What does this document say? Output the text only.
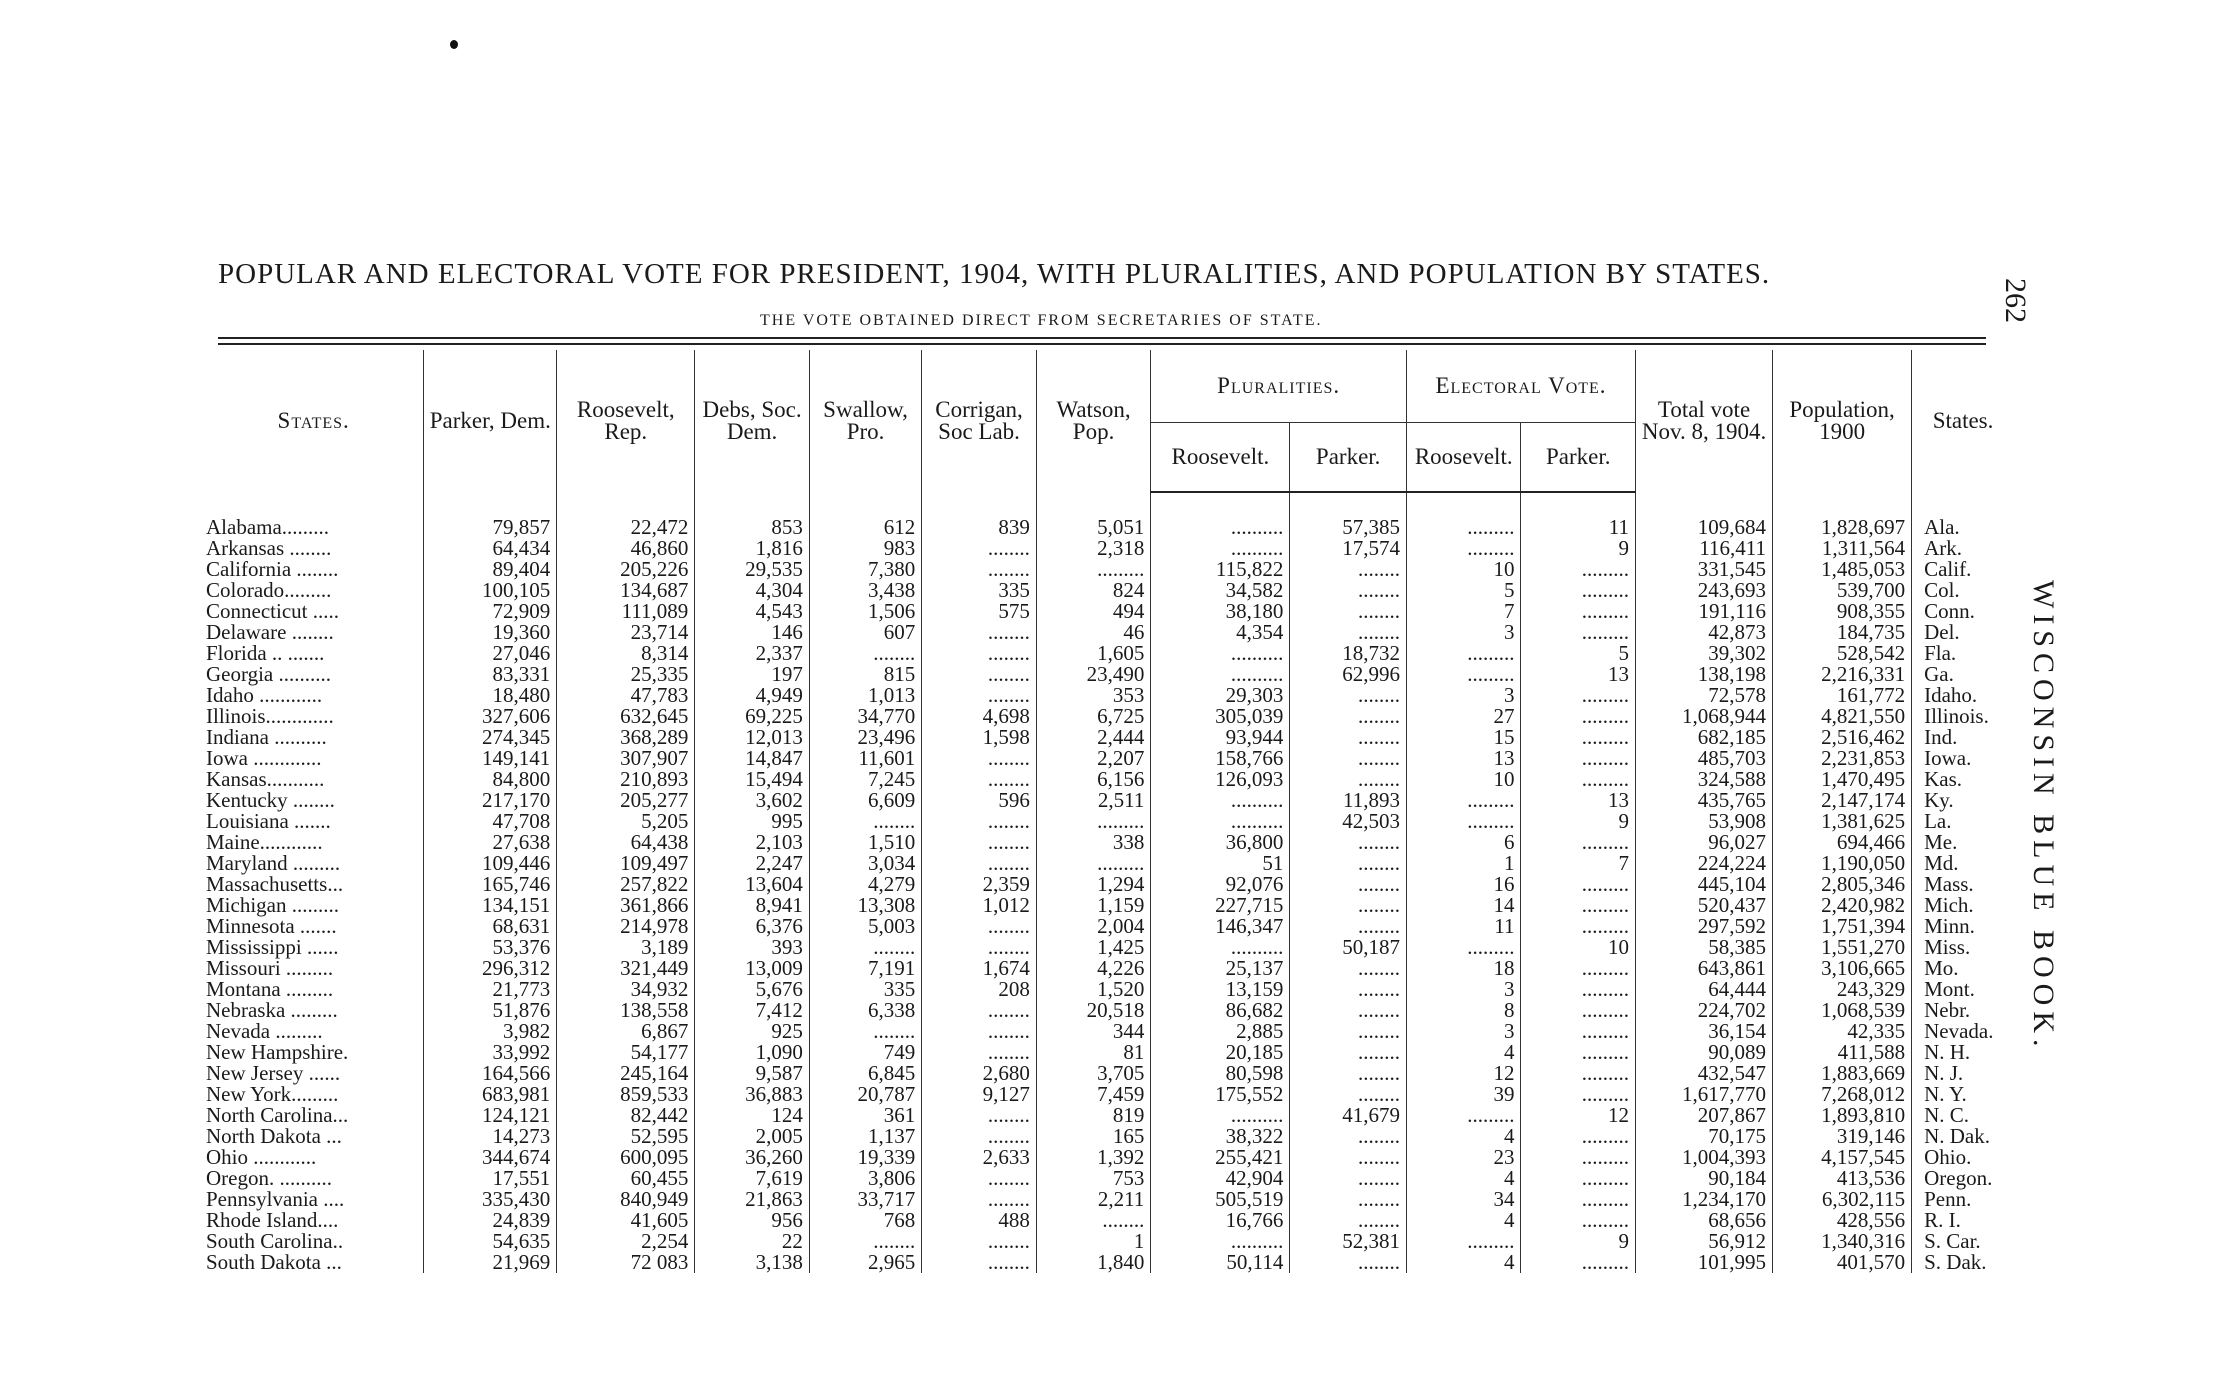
POPULAR AND ELECTORAL VOTE FOR PRESIDENT, 1904, WITH PLURALITIES, AND POPULATION BY STATES.
THE VOTE OBTAINED DIRECT FROM SECRETARIES OF STATE.	262
WISCONSIN BLUE BOOK.
States.	Parker, Dem.	Roosevelt, Rep.	Debs, Soc. Dem.	Swallow, Pro.	Corrigan, Soc Lab.	Watson, Pop.	Pluralities.		Electoral Vote.		Total vote Nov. 8, 1904.	Population, 1900	States.
							Roosevelt.	Parker.	Roosevelt.	Parker.			
Alabama.........	79,857	22,472	853	612	839	5,051	..........	57,385	.........	11	109,684	1,828,697	Ala.
Arkansas ........	64,434	46,860	1,816	983	........	2,318	..........	17,574	.........	9	116,411	1,311,564	Ark.
California ........	89,404	205,226	29,535	7,380	........	.........	115,822	........	10	.........	331,545	1,485,053	Calif.
Colorado.........	100,105	134,687	4,304	3,438	335	824	34,582	........	5	.........	243,693	539,700	Col.
Connecticut .....	72,909	111,089	4,543	1,506	575	494	38,180	........	7	.........	191,116	908,355	Conn.
Delaware ........	19,360	23,714	146	607	........	46	4,354	........	3	.........	42,873	184,735	Del.
Florida .. .......	27,046	8,314	2,337	........	........	1,605	..........	18,732	.........	5	39,302	528,542	Fla.
Georgia ..........	83,331	25,335	197	815	........	23,490	..........	62,996	.........	13	138,198	2,216,331	Ga.
Idaho ............	18,480	47,783	4,949	1,013	........	353	29,303	........	3	.........	72,578	161,772	Idaho.
Illinois.............	327,606	632,645	69,225	34,770	4,698	6,725	305,039	........	27	.........	1,068,944	4,821,550	Illinois.
Indiana ..........	274,345	368,289	12,013	23,496	1,598	2,444	93,944	........	15	.........	682,185	2,516,462	Ind.
Iowa .............	149,141	307,907	14,847	11,601	........	2,207	158,766	........	13	.........	485,703	2,231,853	Iowa.
Kansas...........	84,800	210,893	15,494	7,245	........	6,156	126,093	........	10	.........	324,588	1,470,495	Kas.
Kentucky ........	217,170	205,277	3,602	6,609	596	2,511	..........	11,893	.........	13	435,765	2,147,174	Ky.
Louisiana .......	47,708	5,205	995	........	........	.........	..........	42,503	.........	9	53,908	1,381,625	La.
Maine............	27,638	64,438	2,103	1,510	........	338	36,800	........	6	.........	96,027	694,466	Me.
Maryland .........	109,446	109,497	2,247	3,034	........	.........	51	........	1	7	224,224	1,190,050	Md.
Massachusetts...	165,746	257,822	13,604	4,279	2,359	1,294	92,076	........	16	.........	445,104	2,805,346	Mass.
Michigan .........	134,151	361,866	8,941	13,308	1,012	1,159	227,715	........	14	.........	520,437	2,420,982	Mich.
Minnesota .......	68,631	214,978	6,376	5,003	........	2,004	146,347	........	11	.........	297,592	1,751,394	Minn.
Mississippi ......	53,376	3,189	393	........	........	1,425	..........	50,187	.........	10	58,385	1,551,270	Miss.
Missouri .........	296,312	321,449	13,009	7,191	1,674	4,226	25,137	........	18	.........	643,861	3,106,665	Mo.
Montana .........	21,773	34,932	5,676	335	208	1,520	13,159	........	3	.........	64,444	243,329	Mont.
Nebraska .........	51,876	138,558	7,412	6,338	........	20,518	86,682	........	8	.........	224,702	1,068,539	Nebr.
Nevada .........	3,982	6,867	925	........	........	344	2,885	........	3	.........	36,154	42,335	Nevada.
New Hampshire.	33,992	54,177	1,090	749	........	81	20,185	........	4	.........	90,089	411,588	N. H.
New Jersey ......	164,566	245,164	9,587	6,845	2,680	3,705	80,598	........	12	.........	432,547	1,883,669	N. J.
New York.........	683,981	859,533	36,883	20,787	9,127	7,459	175,552	........	39	.........	1,617,770	7,268,012	N. Y.
North Carolina...	124,121	82,442	124	361	........	819	..........	41,679	.........	12	207,867	1,893,810	N. C.
North Dakota ...	14,273	52,595	2,005	1,137	........	165	38,322	........	4	.........	70,175	319,146	N. Dak.
Ohio ............	344,674	600,095	36,260	19,339	2,633	1,392	255,421	........	23	.........	1,004,393	4,157,545	Ohio.
Oregon. ..........	17,551	60,455	7,619	3,806	........	753	42,904	........	4	.........	90,184	413,536	Oregon.
Pennsylvania ....	335,430	840,949	21,863	33,717	........	2,211	505,519	........	34	.........	1,234,170	6,302,115	Penn.
Rhode Island....	24,839	41,605	956	768	488	........	16,766	........	4	.........	68,656	428,556	R. I.
South Carolina..	54,635	2,254	22	........	........	1	..........	52,381	.........	9	56,912	1,340,316	S. Car.
South Dakota ...	21,969	72 083	3,138	2,965	........	1,840	50,114	........	4	.........	101,995	401,570	S. Dak.
